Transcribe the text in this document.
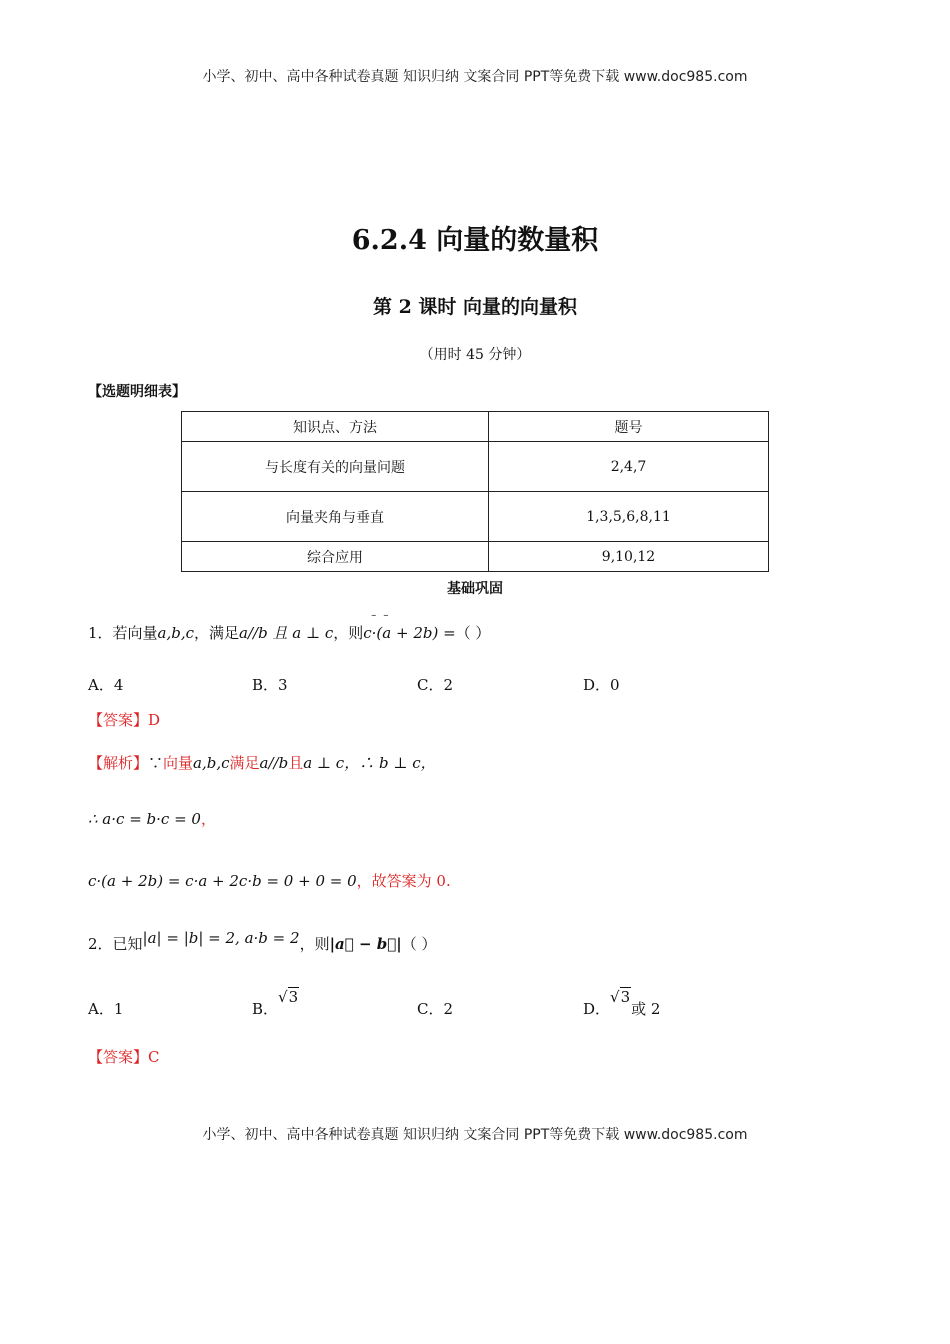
小学、初中、高中各种试卷真题 知识归纳 文案合同 PPT等免费下载 www.doc985.com
6.2.4 向量的数量积
第 2 课时 向量的向量积
（用时 45 分钟）
【选题明细表】
知识点、方法	题号
与长度有关的向量问题	2,4,7
向量夹角与垂直	1,3,5,6,8,11
综合应用	9,10,12
基础巩固
1．若向量a,b,c，满足a//b 且 a ⊥ c，则
– –
c·(a + 2b) =（ ）
A．4	B．3	C．2	D．0
【答案】D
【解析】∵向量a,b,c满足a//b且a ⊥ c，∴ b ⊥ c，
∴ a·c = b·c = 0，
c·(a + 2b) = c·a + 2c·b = 0 + 0 = 0，故答案为 0.
2．已知|a| = |b| = 2, a·b = 2，则|a⃗ − b⃗|（ ）
A．1	B．√3
C．2	D．√3或 2
【答案】C
小学、初中、高中各种试卷真题 知识归纳 文案合同 PPT等免费下载 www.doc985.com
